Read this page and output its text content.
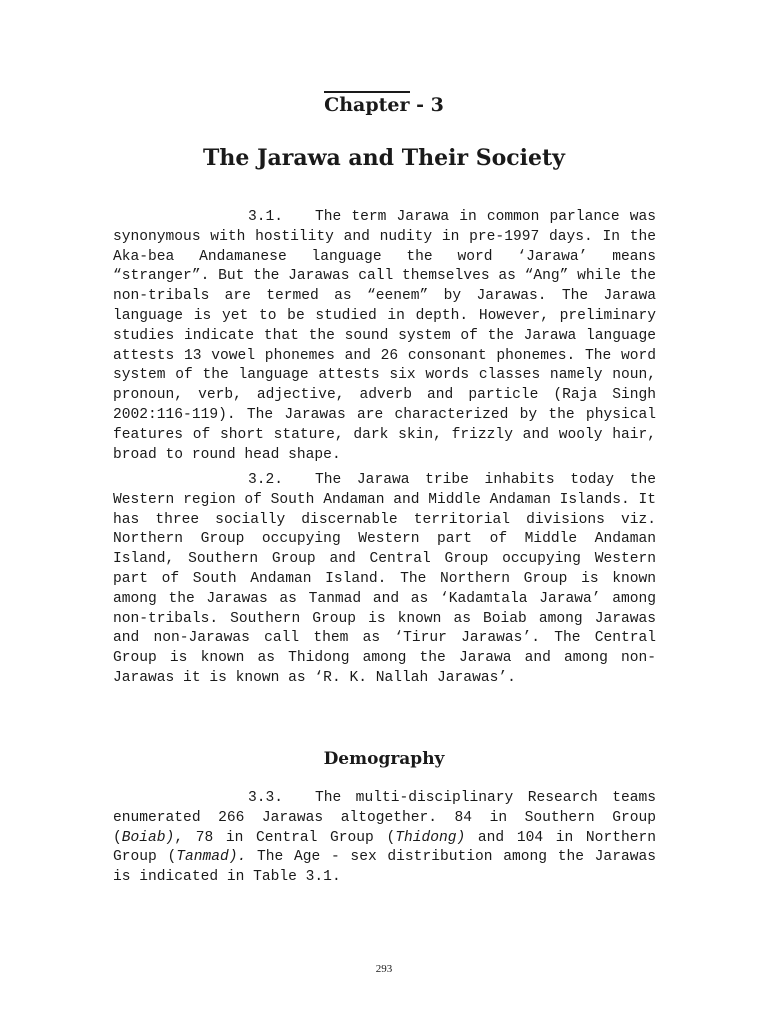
Chapter - 3
The Jarawa and Their Society

3.1. The term Jarawa in common parlance was synonymous with hostility and nudity in pre-1997 days. In the Aka-bea Andamanese language the word ‘Jarawa’ means “stranger”. But the Jarawas call themselves as “Ang” while the non-tribals are termed as “eenem” by Jarawas. The Jarawa language is yet to be studied in depth. However, preliminary studies indicate that the sound system of the Jarawa language attests 13 vowel phonemes and 26 consonant phonemes. The word system of the language attests six words classes namely noun, pronoun, verb, adjective, adverb and particle (Raja Singh 2002:116-119). The Jarawas are characterized by the physical features of short stature, dark skin, frizzly and wooly hair, broad to round head shape.

3.2. The Jarawa tribe inhabits today the Western region of South Andaman and Middle Andaman Islands. It has three socially discernable territorial divisions viz. Northern Group occupying Western part of Middle Andaman Island, Southern Group and Central Group occupying Western part of South Andaman Island. The Northern Group is known among the Jarawas as Tanmad and as ‘Kadamtala Jarawa’ among non-tribals. Southern Group is known as Boiab among Jarawas and non-Jarawas call them as ‘Tirur Jarawas’. The Central Group is known as Thidong among the Jarawa and among non-Jarawas it is known as ‘R. K. Nallah Jarawas’.

Demography

3.3. The multi-disciplinary Research teams enumerated 266 Jarawas altogether. 84 in Southern Group (Boiab), 78 in Central Group (Thidong) and 104 in Northern Group (Tanmad). The Age - sex distribution among the Jarawas is indicated in Table 3.1.

293
